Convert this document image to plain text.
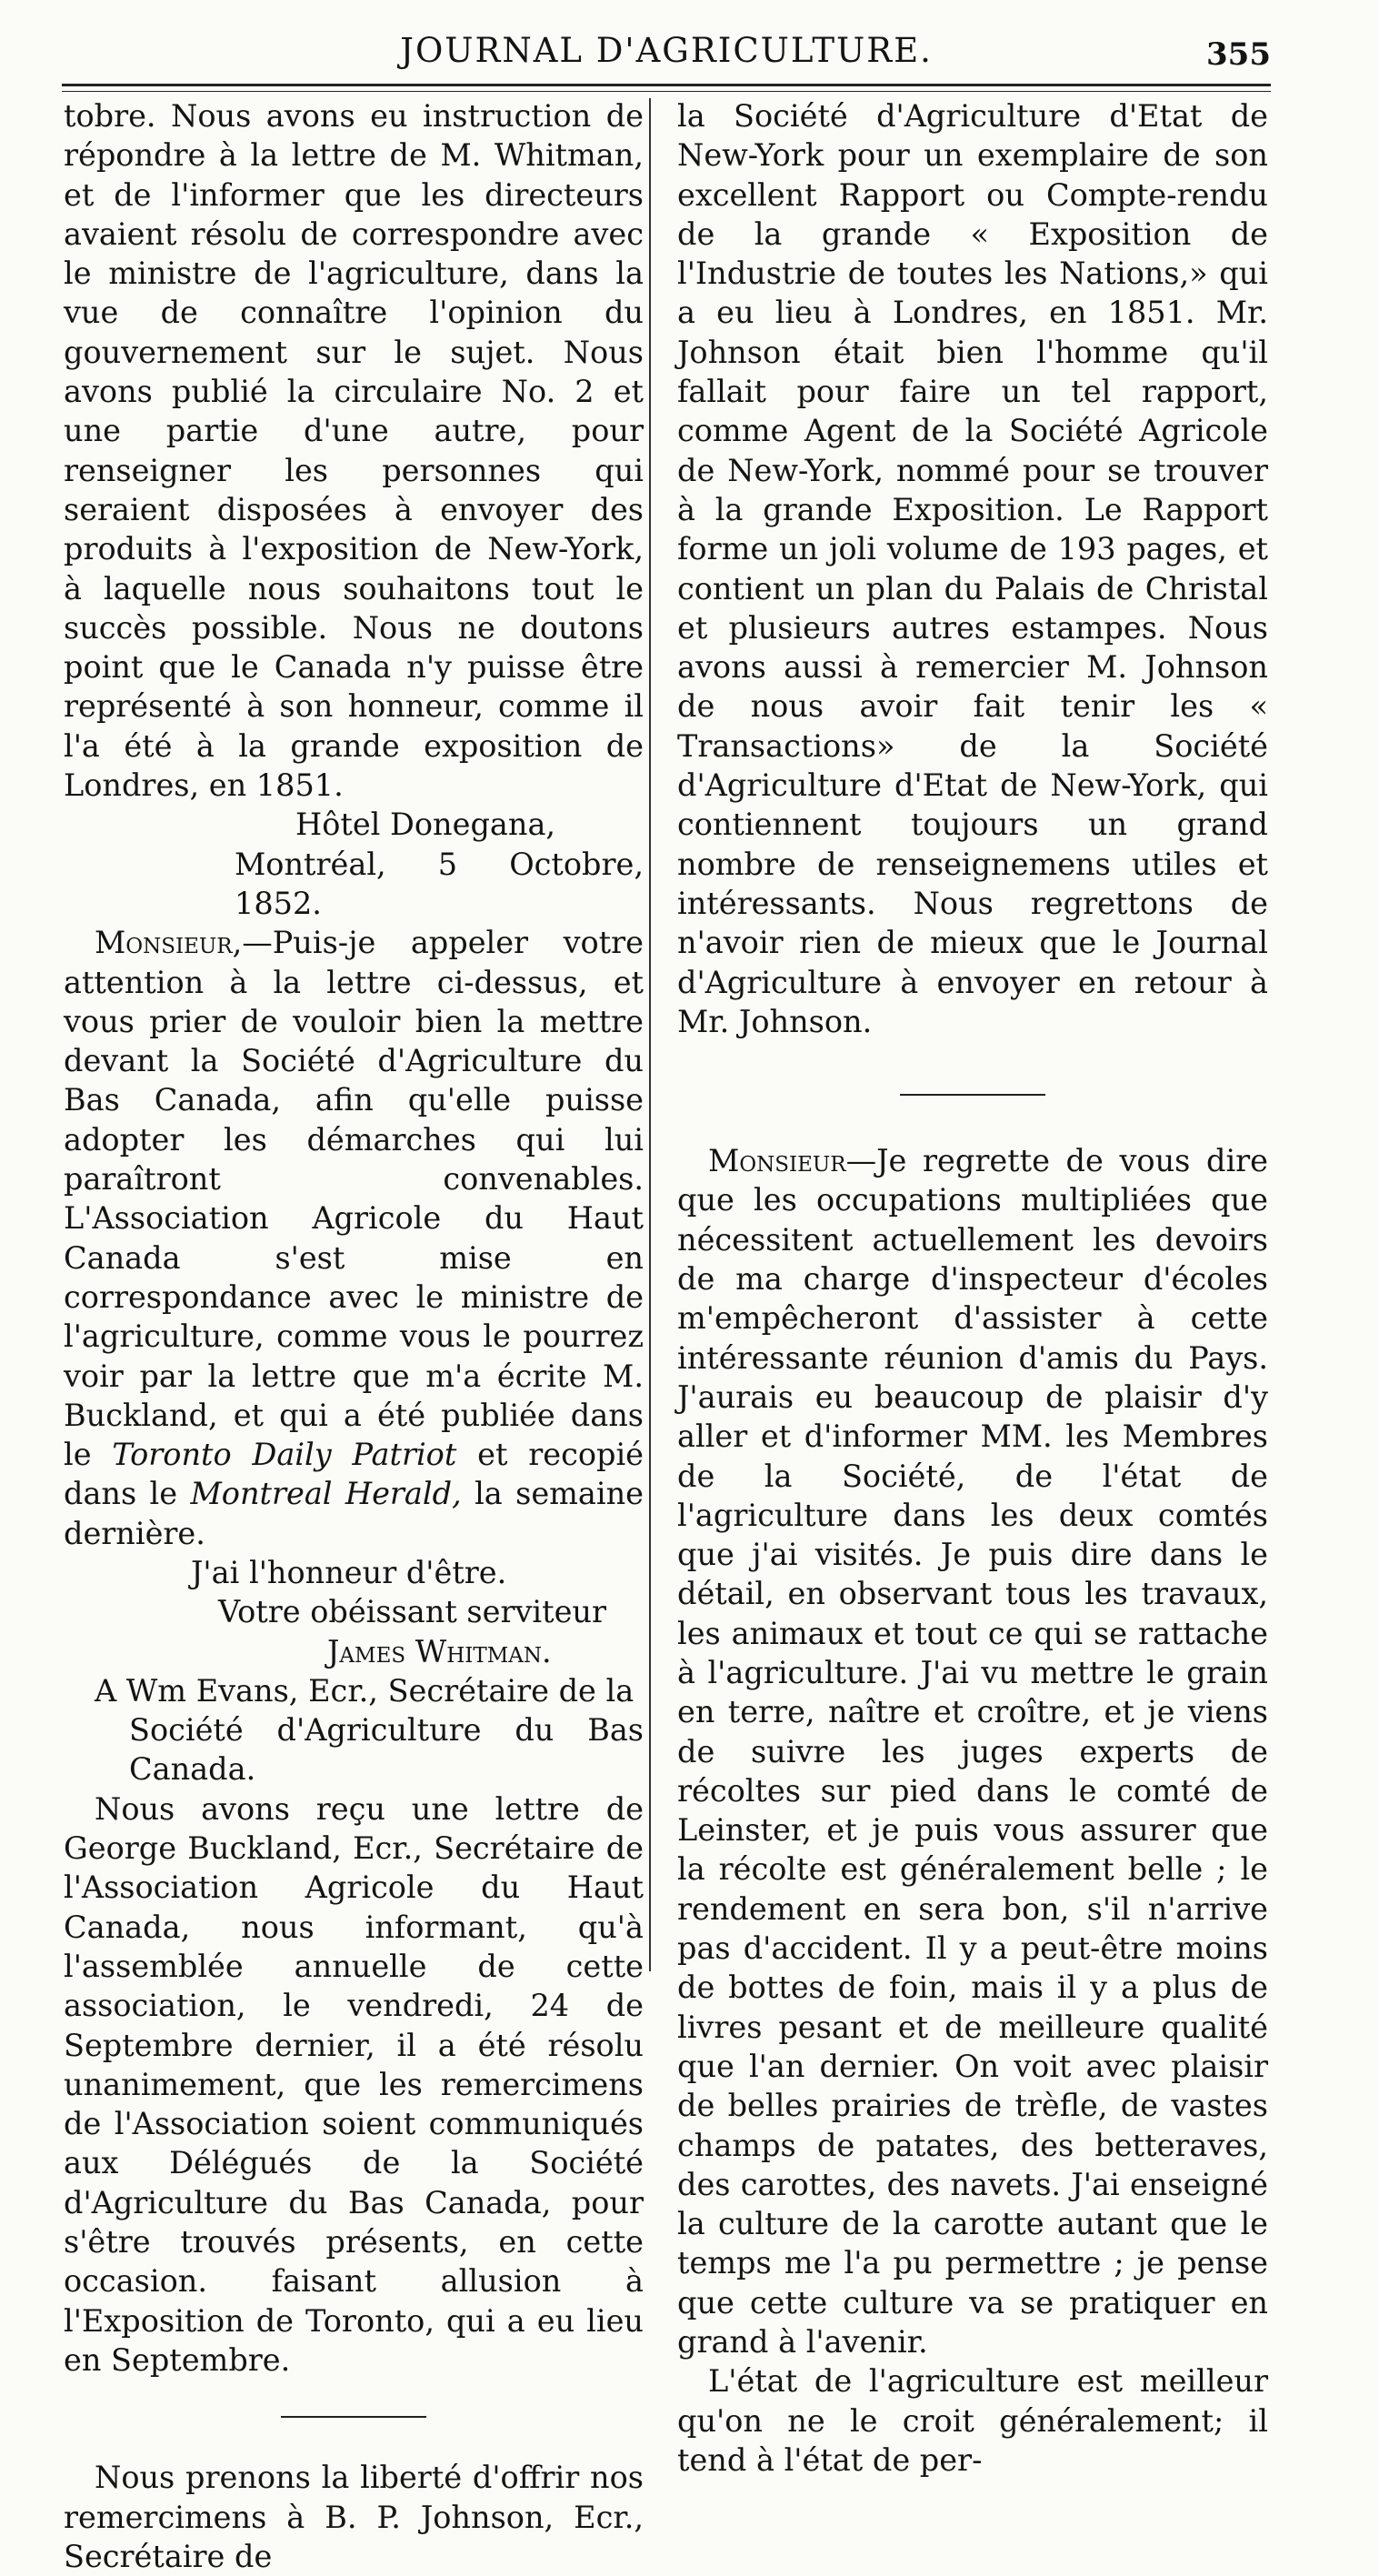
JOURNAL D'AGRICULTURE.	355

tobre. Nous avons eu instruction de répondre à la lettre de M. Whitman, et de l'informer que les directeurs avaient résolu de correspondre avec le ministre de l'agriculture, dans la vue de connaître l'opinion du gouvernement sur le sujet. Nous avons publié la circulaire No. 2 et une partie d'une autre, pour renseigner les personnes qui seraient disposées à envoyer des produits à l'exposition de New-York, à laquelle nous souhaitons tout le succès possible. Nous ne doutons point que le Canada n'y puisse être représenté à son honneur, comme il l'a été à la grande exposition de Londres, en 1851.

Hôtel Donegana,

Montréal, 5 Octobre, 1852.

Monsieur,—Puis-je appeler votre attention à la lettre ci-dessus, et vous prier de vouloir bien la mettre devant la Société d'Agriculture du Bas Canada, afin qu'elle puisse adopter les démarches qui lui paraîtront convenables. L'Association Agricole du Haut Canada s'est mise en correspondance avec le ministre de l'agriculture, comme vous le pourrez voir par la lettre que m'a écrite M. Buckland, et qui a été publiée dans le Toronto Daily Patriot et recopié dans le Montreal Herald, la semaine dernière.

J'ai l'honneur d'être.

Votre obéissant serviteur

James Whitman.

A Wm Evans, Ecr., Secrétaire de la

Société d'Agriculture du Bas Canada.

Nous avons reçu une lettre de George Buckland, Ecr., Secrétaire de l'Association Agricole du Haut Canada, nous informant, qu'à l'assemblée annuelle de cette association, le vendredi, 24 de Septembre dernier, il a été résolu unanimement, que les remercimens de l'Association soient communiqués aux Délégués de la Société d'Agriculture du Bas Canada, pour s'être trouvés présents, en cette occasion. faisant allusion à l'Exposition de Toronto, qui a eu lieu en Septembre.

Nous prenons la liberté d'offrir nos remercimens à B. P. Johnson, Ecr., Secrétaire de

la Société d'Agriculture d'Etat de New-York pour un exemplaire de son excellent Rapport ou Compte-rendu de la grande « Exposition de l'Industrie de toutes les Nations,» qui a eu lieu à Londres, en 1851. Mr. Johnson était bien l'homme qu'il fallait pour faire un tel rapport, comme Agent de la Société Agricole de New-York, nommé pour se trouver à la grande Exposition. Le Rapport forme un joli volume de 193 pages, et contient un plan du Palais de Christal et plusieurs autres estampes. Nous avons aussi à remercier M. Johnson de nous avoir fait tenir les « Transactions» de la Société d'Agriculture d'Etat de New-York, qui contiennent toujours un grand nombre de renseignemens utiles et intéressants. Nous regrettons de n'avoir rien de mieux que le Journal d'Agriculture à envoyer en retour à Mr. Johnson.

Monsieur—Je regrette de vous dire que les occupations multipliées que nécessitent actuellement les devoirs de ma charge d'inspecteur d'écoles m'empêcheront d'assister à cette intéressante réunion d'amis du Pays. J'aurais eu beaucoup de plaisir d'y aller et d'informer MM. les Membres de la Société, de l'état de l'agriculture dans les deux comtés que j'ai visités. Je puis dire dans le détail, en observant tous les travaux, les animaux et tout ce qui se rattache à l'agriculture. J'ai vu mettre le grain en terre, naître et croître, et je viens de suivre les juges experts de récoltes sur pied dans le comté de Leinster, et je puis vous assurer que la récolte est généralement belle ; le rendement en sera bon, s'il n'arrive pas d'accident. Il y a peut-être moins de bottes de foin, mais il y a plus de livres pesant et de meilleure qualité que l'an dernier. On voit avec plaisir de belles prairies de trèfle, de vastes champs de patates, des betteraves, des carottes, des navets. J'ai enseigné la culture de la carotte autant que le temps me l'a pu permettre ; je pense que cette culture va se pratiquer en grand à l'avenir.

L'état de l'agriculture est meilleur qu'on ne le croit généralement; il tend à l'état de per-
